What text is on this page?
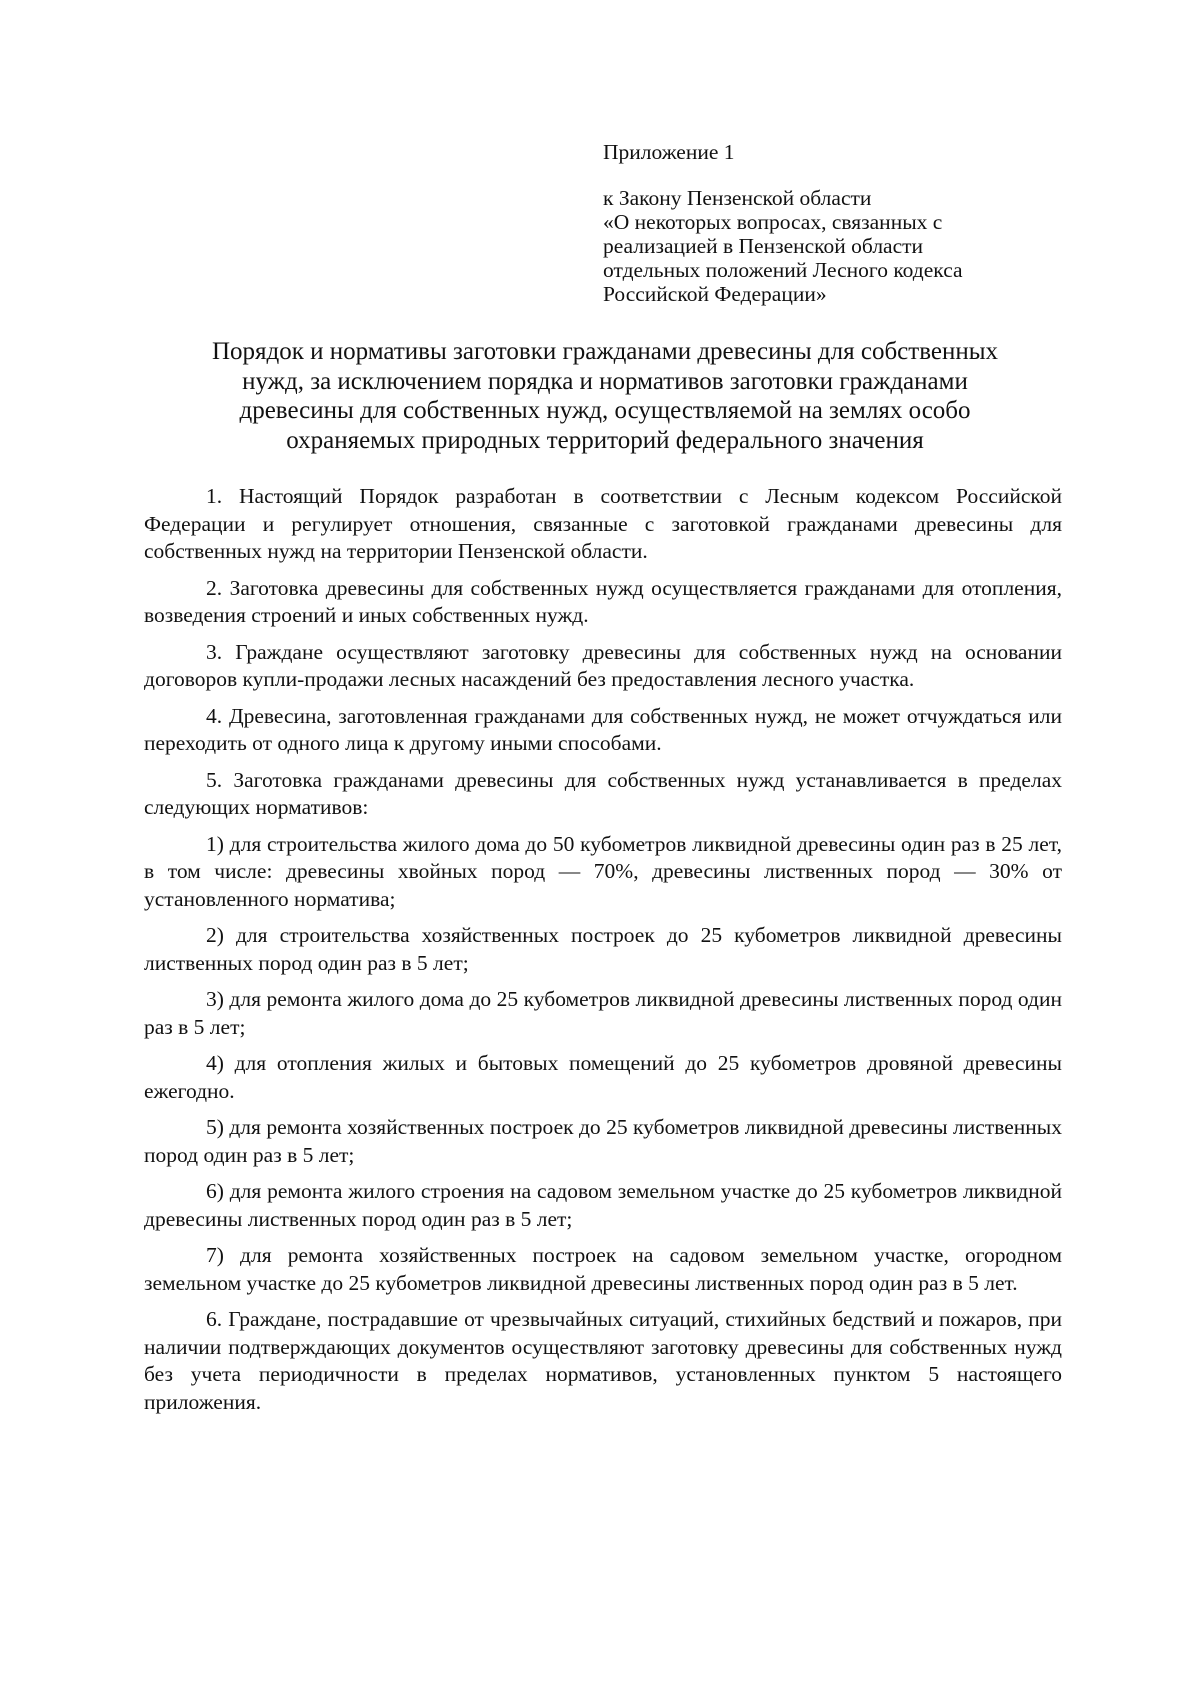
Приложение 1
к Закону Пензенской области
«О некоторых вопросах, связанных с
реализацией в Пензенской области
отдельных положений Лесного кодекса
Российской Федерации»
Порядок и нормативы заготовки гражданами древесины для собственных
нужд, за исключением порядка и нормативов заготовки гражданами
древесины для собственных нужд, осуществляемой на землях особо
охраняемых природных территорий федерального значения

1. Настоящий Порядок разработан в соответствии с Лесным кодексом Российской Федерации и регулирует отношения, связанные с заготовкой гражданами древесины для собственных нужд на территории Пензенской области.

2. Заготовка древесины для собственных нужд осуществляется гражданами для отопления, возведения строений и иных собственных нужд.

3. Граждане осуществляют заготовку древесины для собственных нужд на основании договоров купли-продажи лесных насаждений без предоставления лесного участка.

4. Древесина, заготовленная гражданами для собственных нужд, не может отчуждаться или переходить от одного лица к другому иными способами.

5. Заготовка гражданами древесины для собственных нужд устанавливается в пределах следующих нормативов:

1) для строительства жилого дома до 50 кубометров ликвидной древесины один раз в 25 лет, в том числе: древесины хвойных пород — 70%, древесины лиственных пород — 30% от установленного норматива;

2) для строительства хозяйственных построек до 25 кубометров ликвидной древесины лиственных пород один раз в 5 лет;

3) для ремонта жилого дома до 25 кубометров ликвидной древесины лиственных пород один раз в 5 лет;

4) для отопления жилых и бытовых помещений до 25 кубометров дровяной древесины ежегодно.

5) для ремонта хозяйственных построек до 25 кубометров ликвидной древесины лиственных пород один раз в 5 лет;

6) для ремонта жилого строения на садовом земельном участке до 25 кубометров ликвидной древесины лиственных пород один раз в 5 лет;

7) для ремонта хозяйственных построек на садовом земельном участке, огородном земельном участке до 25 кубометров ликвидной древесины лиственных пород один раз в 5 лет.

6. Граждане, пострадавшие от чрезвычайных ситуаций, стихийных бедствий и пожаров, при наличии подтверждающих документов осуществляют заготовку древесины для собственных нужд без учета периодичности в пределах нормативов, установленных пунктом 5 настоящего приложения.
